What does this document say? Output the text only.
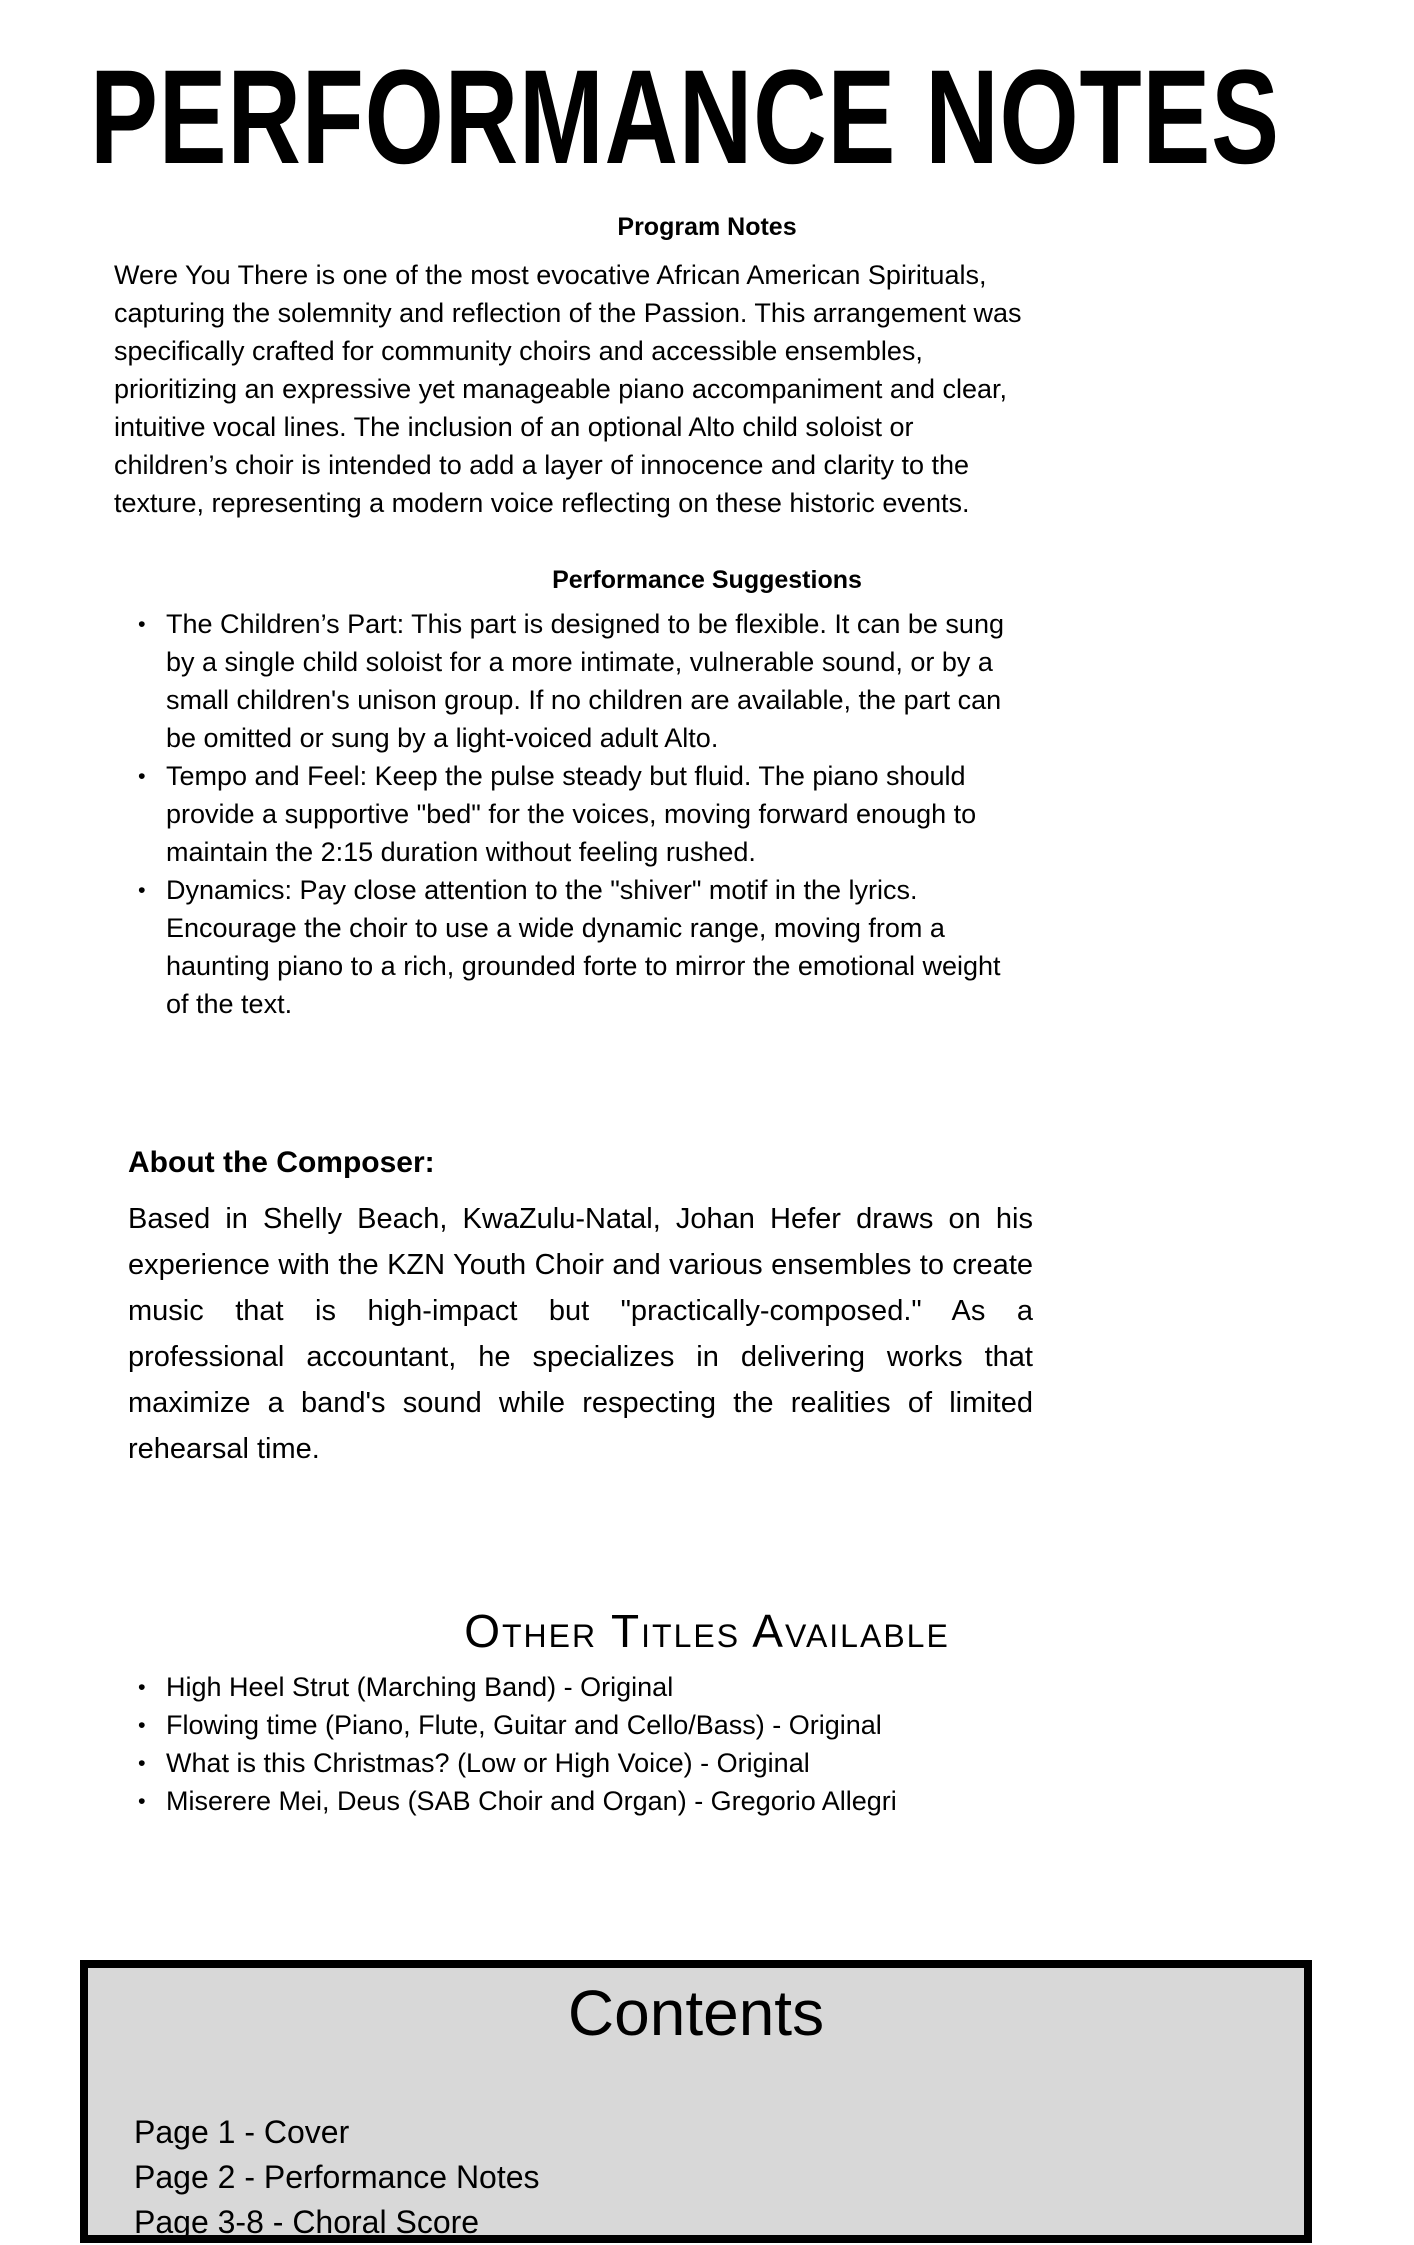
PERFORMANCE NOTES
Program Notes

Were You There is one of the most evocative African American Spirituals, capturing the solemnity and reflection of the Passion. This arrangement was specifically crafted for community choirs and accessible ensembles, prioritizing an expressive yet manageable piano accompaniment and clear, intuitive vocal lines. The inclusion of an optional Alto child soloist or children’s choir is intended to add a layer of innocence and clarity to the texture, representing a modern voice reflecting on these historic events.

Performance Suggestions
• The Children’s Part: This part is designed to be flexible. It can be sung by a single child soloist for a more intimate, vulnerable sound, or by a small children's unison group. If no children are available, the part can be omitted or sung by a light-voiced adult Alto.
• Tempo and Feel: Keep the pulse steady but fluid. The piano should provide a supportive "bed" for the voices, moving forward enough to maintain the 2:15 duration without feeling rushed.
• Dynamics: Pay close attention to the "shiver" motif in the lyrics. Encourage the choir to use a wide dynamic range, moving from a haunting piano to a rich, grounded forte to mirror the emotional weight of the text.
About the Composer:

Based in Shelly Beach, KwaZulu-Natal, Johan Hefer draws on his experience with the KZN Youth Choir and various ensembles to create music that is high-impact but "practically-composed." As a professional accountant, he specializes in delivering works that maximize a band's sound while respecting the realities of limited rehearsal time.

Other Titles Available
• High Heel Strut (Marching Band) - Original
• Flowing time (Piano, Flute, Guitar and Cello/Bass) - Original
• What is this Christmas? (Low or High Voice) - Original
• Miserere Mei, Deus (SAB Choir and Organ) - Gregorio Allegri
Contents
Page 1 - Cover
Page 2 - Performance Notes
Page 3-8 - Choral Score
